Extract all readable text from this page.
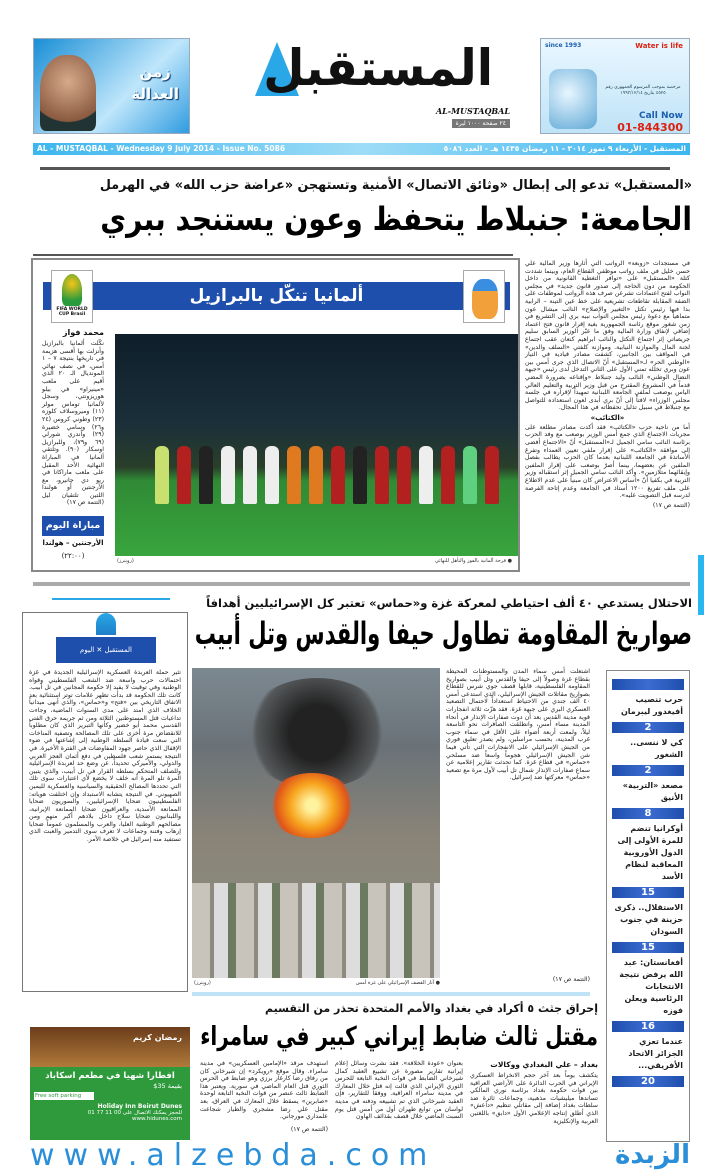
زمن
العدالة المستقبل
AL-MUSTAQBAL
٢٤ صفحة ١٠٠٠ ليرة
since 1993	Water is life
مرخصة بموجب المرسوم الجمهوري رقم ٤٥٢٥ بتاريخ ١٩٩٣/١٢/١٤
Call Now
01-844300
AL - MUSTAQBAL - Wednesday 9 July 2014 - Issue No. 5086	المستقبل - الأربعاء ٩ تموز ٢٠١٤ - ١١ رمضان ١٤٣٥ هـ - العدد ٥٠٨٦
«المستقبل» تدعو إلى إبطال «وثائق الاتصال» الأمنية وتستهجن «عراضة حزب الله» في الهرمل
الجامعة: جنبلاط يتحفظ وعون يستنجد ببري
ألمانيا تنكّل بالبرازيل
FIFA WORLD CUP Brasil
محمد فواز
نكّلت ألمانيا بالبرازيل وأنزلت بها أقسى هزيمة في تاريخها بنتيجة ٧ – ١ أمس، في نصف نهائي المونديال الـ ٢٠ الذي أقيم على ملعب «مينيراو» في بيلو هوريزونتي، وسجل لألمانيا توماس مولر (١١) وميروسلاف كلوزه (٢٣) وطوني كروس (٢٤ و٢٦) وسامي خضيرة (٢٩) وأندري شورلي (٦٩ و٧٩)، وللبرازيل اوسكار (٩٠). وتلتقي ألمانيا في المباراة النهائية الأحد المقبل على ملعب ماراكانا في ريو دي جانيرو، مع الأرجنتين أو هولندا اللتين تلتقيان ليل (التتمة ص ١٧)
مباراة اليوم
الأرجنتين – هولندا
(٢٢:٠٠)
● فرحة ألمانية بالفوز والتأهل للنهائي
(رويترز)
في مستجدات «زوبعة» الرواتب التي أثارها وزير المالية علي حسن خليل في ملف رواتب موظفي القطاع العام، وبينما شددت كتلة «المستقبل» على «توافر التغطية القانونية من داخل الحكومة من دون الحاجة إلى صدور قانون جديد» في مجلس النواب لفتح اعتمادات تشرعن صرف هذه الرواتب لموظفات على الضفة المقابلة تقاطعات تشريعية على خط عين التينة – الرابية بدا فيها رئيس تكتل «التغيير والإصلاح» النائب ميشال عون متماهياً مع دعوة رئيس مجلس النواب نبيه بري إلى التشريع في زمن شغور موقع رئاسة الجمهورية بغية إقرار قانون فتح اعتماد إضافي لإنفاق وزارة المالية وفق ما عبّر الوزير السابق سليم جريصاتي إثر اجتماع التكتل والنائب ابراهيم كنعان عقب اجتماع لجنة المال والموازنة النيابية. وموازنة كلفتي «السلف والدين» في المواقف بين الجانبين، كشفت مصادر قيادية في التيار «الوطني الحر» لـ«المستقبل» أنّ الاتصال الذي جرى أمس بين عون وبري تخلله تمني الأول على الثاني التدخل لدى رئيس «جبهة النضال الوطني» النائب وليد جنبلاط «وإقناعه بضرورة المضي قدماً في المشروع المقترح من قبل وزير التربية والتعليم العالي الياس بوصعب لملفي الجامعة اللبنانية تمهيداً لإقراره في جلسة مجلس الوزراء» لافتاً إلى أنّ بري أبدى لعون استعداده للتواصل مع جنبلاط في سبيل تذليل تحفظاته في هذا المجال.
«الكتائب»
أما من ناحية حزب «الكتائب» فقد أكدت مصادر مطلعة على مجريات الاجتماع الذي جمع أمس الوزير بوصعب مع وفد الحزب برئاسة النائب سامي الجميل لـ«المستقبل» أنّ «الاجتماع أفضى إلى موافقة «الكتائب» على إقرار ملفي تعيين العمداء وتفرغ الأساتذة في الجامعة اللبنانية بعدما كان الحزب يطالب بفصل الملفين عن بعضهما، بينما أصرّ بوصعب على إقرار الملفين وإبقائهما متلازمين». وأكد النائب سامي الجميل إثر استقباله وزير التربية في بكفيا أنّ «أساس الاعتراض كان مبنياً على عدم الاطلاع على ملف تفريغ ١٢٠٠ أستاذ في الجامعة وعدم إتاحة الفرصة لدرسه قبل التصويت عليه».
(التتمة ص ١٧)
المستقبل ✕ اليوم
تثير حملة العربدة العسكرية الإسرائيلية الجديدة في غزة احتمالات حرب واسعة ضد الشعب الفلسطيني وقواه الوطنية وفي توقيت لا يفيد إلا حكومة المجانين في تل أبيب. كانت تلك الحكومة قد بدأت تظهر علامات توتر استثنائية بعد الاتفاق التاريخي بين «فتح» و«حماس»، والذي أنهى ميدانياً الخلاف الذي امتد على مدى السنوات الماضية، وجاءت تداعيات قتل المستوطنين الثلاثة ومن ثم جريمة حرق الفتى القدسي محمد أبو خضير وكأنها التبرير الذي كان مطلوباً للانقضاض مرة أخرى على تلك المصالحة وتصفية المناخات التي سعت قيادة السلطة الوطنية إلى إشاعتها في ضوء الإقفال الذي حاصر جهود المفاوضات في الفترة الأخيرة. في النتيجة يستمر شعب فلسطين في دفع أثمان العجز العربي والدولي، والأميركي تحديداً، عن وضع حد لعربدة الإسرائيلية وللصلف المتحكم بسلطة القرار في تل أبيب، والذي يتبين المرة تلو المرة أنه خلف لا يخضع لأي اعتبارات سوى تلك التي تحددها المصالح الحقيقية والسياسية والعسكرية لليمين الصهيوني. في النتيجة يتشابه الاستبداد وإن اختلفت هوياته: الفلسطينيون ضحايا الإسرائيليين، والسوريون ضحايا الممانعة الأسدية، والعراقيون ضحايا الممانعة الإيرانية، واللبنانيون ضحايا سلاح داخل بلادهم أكبر منهم ومن مصالحهم الوطنية العليا، والعرب والمسلمون عموماً ضحايا إرهاب وفتنة وجماعات لا تعرف سوى التدمير والعبث الذي تستفيد منه إسرائيل في خلاصة الأمر.
الاحتلال يستدعي ٤٠ ألف احتياطي لمعركة غزة و«حماس» تعتبر كل الإسرائيليين أهدافاً
صواريخ المقاومة تطاول حيفا والقدس وتل أبيب
● آثار القصف الإسرائيلي على غزة أمس
(رويترز)
اشتعلت أمس سماء المدن والمستوطنات المحيطة بقطاع غزة وصولاً إلى حيفا والقدس وتل أبيب بصواريخ المقاومة الفلسطينية، قابلها قصف جوي شرس للقطاع بصواريخ مقاتلات الجيش الإسرائيلي، الذي استدعى أمس ٤٠ ألف جندي من الاحتياط استعداداً لاحتمال التصعيد العسكري البري على جبهة غزة. فقد هزّت ثلاثة انفجارات قوية مدينة القدس بعد أن دوت صفارات الإنذار في أنحاء المدينة مساء أمس، وانطلقت الصافرات نحو التاسعة ليلاً، ولمعت أربعة أضواء على الأقل في سماء جنوب غرب المدينة، بحسب مراسلين، ولم يصدر تعليق فوري من الجيش الإسرائيلي على الانفجارات التي تأتي فيما شن الجيش الإسرائيلي هجوماً واسعاً ضد مسلحي «حماس» في قطاع غزة. كما تحدثت تقارير إعلامية عن سماع صفارات الإنذار شمال تل أبيب لأول مرة مع تصعيد «حماس» معركتها ضد إسرائيل.
(التتمة ص ١٧)
حرب تنصيب أفيغدور ليبرمان
2
كي لا ننسى.. الشغور
2
مصعد «التربية» الأنيق
8
أوكرانيا تنضم للمرة الأولى إلى الدول الأوروبية المعاقبة لنظام الأسد
15
الاستقلال.. ذكرى حزينة في جنوب السودان
15
أفغانستان: عبد الله يرفض نتيجة الانتخابات الرئاسية ويعلن فوزه
16
عندما تعزي الجزائر الاتحاد الأفريقي...
20
إحراق جثث ٥ أكراد في بغداد والأمم المتحدة تحذر من التقسيم
مقتل ثالث ضابط إيراني كبير في سامراء
بغداد – علي البغدادي ووكالات
يتكشف يوماً بعد آخر حجم الانخراط العسكري الإيراني في الحرب الدائرة على الأراضي العراقية بين قوات حكومة بغداد برئاسة نوري المالكي تساندها ميليشيات مذهبية، وجماعات ثائرة ضد سلطات بغداد إضافة إلى مقاتلي تنظيم «داعش» الذي أطلق إنتاجه الإعلامي الأول «دابق» باللغتين العربية والإنكليزية
بعنوان «عودة الخلافة». فقد نشرت وسائل إعلام إيرانية تقارير مصورة عن تشييع العقيد كمال شيرخاني الضابط في قوات النخبة التابعة للحرس الثوري الإيراني الذي قالت إنه قتل خلال المعارك في مدينة سامراء العراقية. ووفقاً للتقارير، فإن العقيد شيرخاني الذي تم تشييعه ودفنه في مدينة لواسان من توابع طهران أول من أمس قتل يوم السبت الماضي خلال قصف بقذائف الهاون
استهدف مرقد «الإمامين العسكريين» في مدينة سامراء. وقال موقع «رويكرد» إن شيرخاني كان من رفاق رضا كارغار برزي وهو ضابط في الحرس الثوري قتل العام الماضي في سورية. ويعتبر هذا الضابط ثالث عنصر من قوات النخبة التابعة لوحدة «صابرين» يسقط خلال المعارك في العراق، بعد مقتل علي رضا مشجري والطيار شجاعت علمداري مورجاني.
(التتمة ص ١٧)
رمضان كريم
افطارا شهيا في مطعم اسكاباد
بقيمة 35$
Free soft parking
Holiday Inn Beirut Dunes
للحجز يمكنك الاتصال على 00 11 77 01
www.hidunes.com
www.alzebda.com	الزبدة
